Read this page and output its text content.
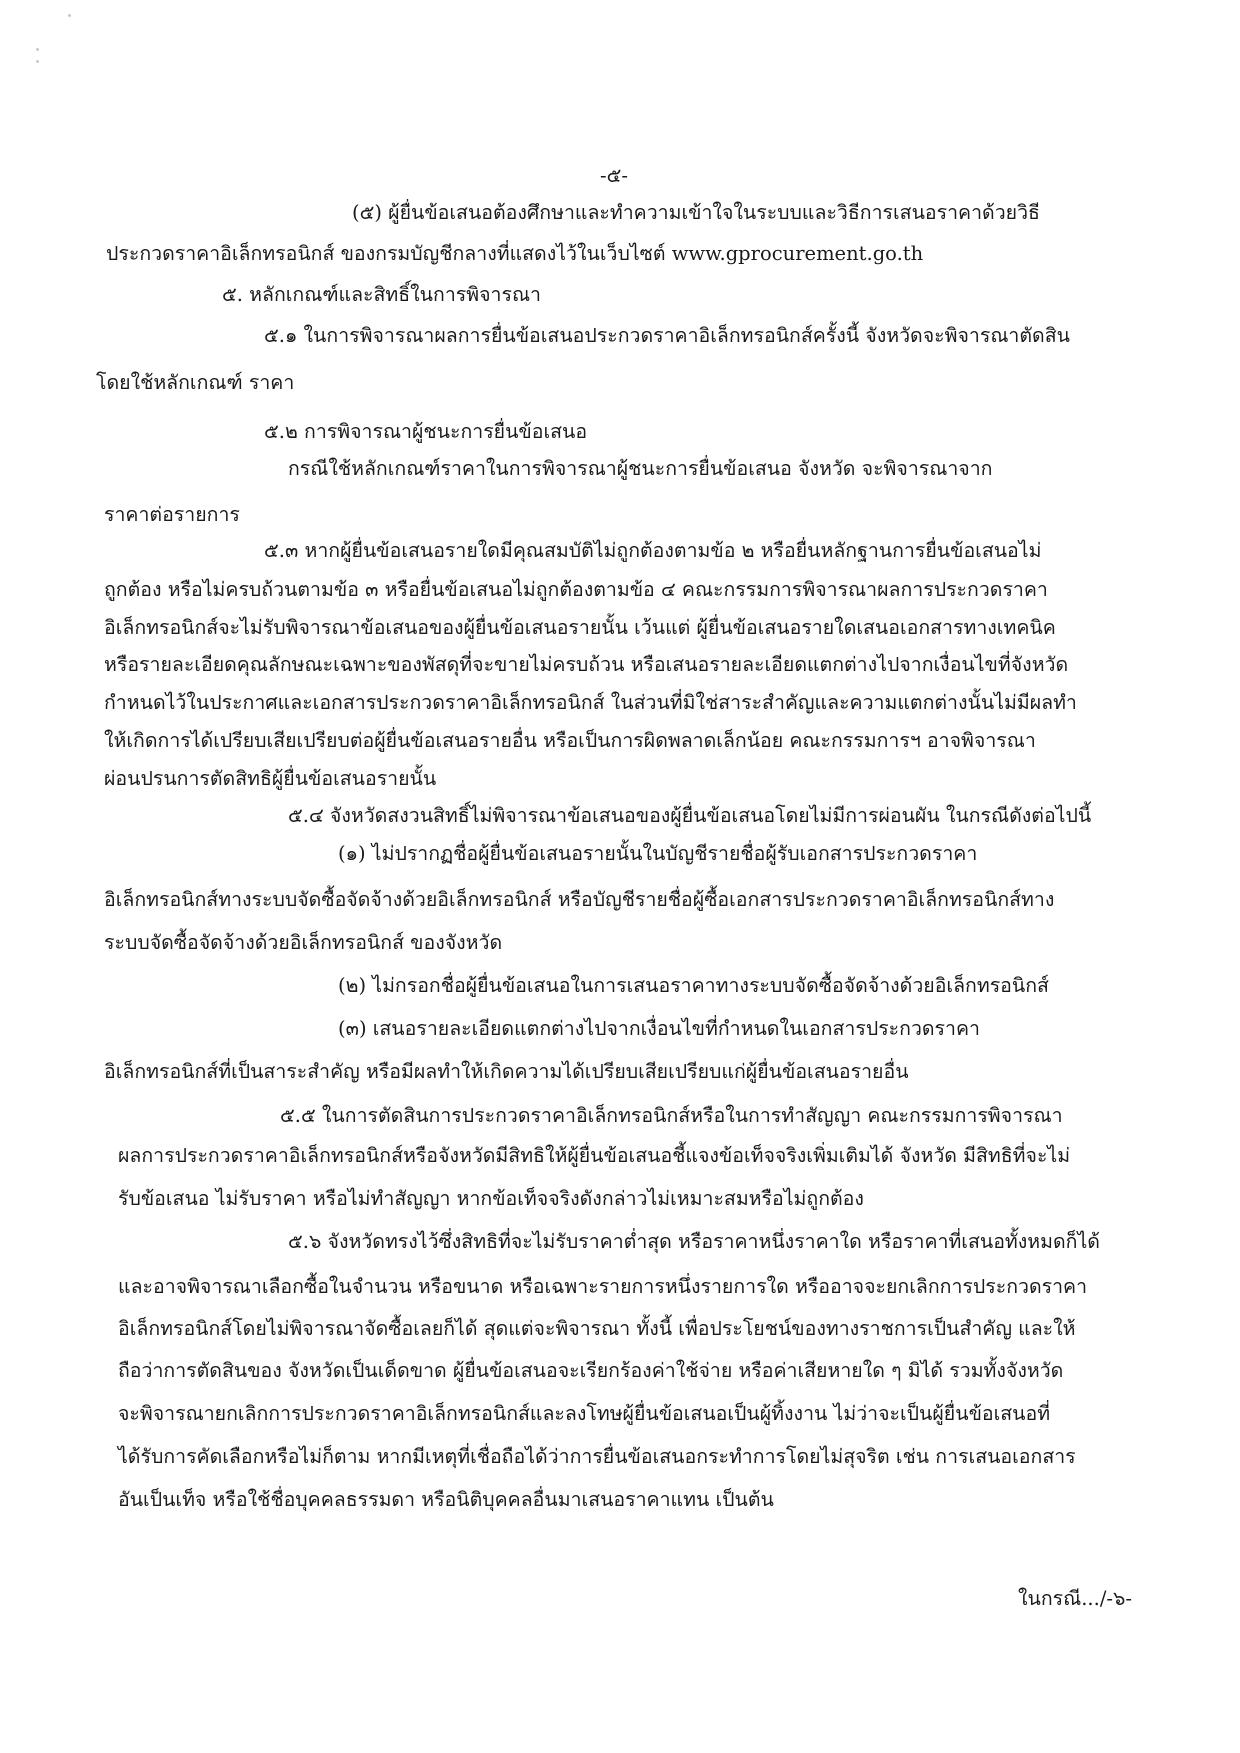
-๕-
(๕) ผู้ยื่นข้อเสนอต้องศึกษาและทำความเข้าใจในระบบและวิธีการเสนอราคาด้วยวิธี
ประกวดราคาอิเล็กทรอนิกส์ ของกรมบัญชีกลางที่แสดงไว้ในเว็บไซต์ www.gprocurement.go.th
๕. หลักเกณฑ์และสิทธิ์ในการพิจารณา
๕.๑ ในการพิจารณาผลการยื่นข้อเสนอประกวดราคาอิเล็กทรอนิกส์ครั้งนี้ จังหวัดจะพิจารณาตัดสิน
โดยใช้หลักเกณฑ์ ราคา
๕.๒ การพิจารณาผู้ชนะการยื่นข้อเสนอ
กรณีใช้หลักเกณฑ์ราคาในการพิจารณาผู้ชนะการยื่นข้อเสนอ จังหวัด จะพิจารณาจาก
ราคาต่อรายการ
๕.๓ หากผู้ยื่นข้อเสนอรายใดมีคุณสมบัติไม่ถูกต้องตามข้อ ๒ หรือยื่นหลักฐานการยื่นข้อเสนอไม่
ถูกต้อง หรือไม่ครบถ้วนตามข้อ ๓ หรือยื่นข้อเสนอไม่ถูกต้องตามข้อ ๔ คณะกรรมการพิจารณาผลการประกวดราคา
อิเล็กทรอนิกส์จะไม่รับพิจารณาข้อเสนอของผู้ยื่นข้อเสนอรายนั้น เว้นแต่ ผู้ยื่นข้อเสนอรายใดเสนอเอกสารทางเทคนิค
หรือรายละเอียดคุณลักษณะเฉพาะของพัสดุที่จะขายไม่ครบถ้วน หรือเสนอรายละเอียดแตกต่างไปจากเงื่อนไขที่จังหวัด
กำหนดไว้ในประกาศและเอกสารประกวดราคาอิเล็กทรอนิกส์ ในส่วนที่มิใช่สาระสำคัญและความแตกต่างนั้นไม่มีผลทำ
ให้เกิดการได้เปรียบเสียเปรียบต่อผู้ยื่นข้อเสนอรายอื่น หรือเป็นการผิดพลาดเล็กน้อย คณะกรรมการฯ อาจพิจารณา
ผ่อนปรนการตัดสิทธิผู้ยื่นข้อเสนอรายนั้น
๕.๔ จังหวัดสงวนสิทธิ์ไม่พิจารณาข้อเสนอของผู้ยื่นข้อเสนอโดยไม่มีการผ่อนผัน ในกรณีดังต่อไปนี้
(๑) ไม่ปรากฏชื่อผู้ยื่นข้อเสนอรายนั้นในบัญชีรายชื่อผู้รับเอกสารประกวดราคา
อิเล็กทรอนิกส์ทางระบบจัดซื้อจัดจ้างด้วยอิเล็กทรอนิกส์ หรือบัญชีรายชื่อผู้ซื้อเอกสารประกวดราคาอิเล็กทรอนิกส์ทาง
ระบบจัดซื้อจัดจ้างด้วยอิเล็กทรอนิกส์ ของจังหวัด
(๒) ไม่กรอกชื่อผู้ยื่นข้อเสนอในการเสนอราคาทางระบบจัดซื้อจัดจ้างด้วยอิเล็กทรอนิกส์
(๓) เสนอรายละเอียดแตกต่างไปจากเงื่อนไขที่กำหนดในเอกสารประกวดราคา
อิเล็กทรอนิกส์ที่เป็นสาระสำคัญ หรือมีผลทำให้เกิดความได้เปรียบเสียเปรียบแก่ผู้ยื่นข้อเสนอรายอื่น
๕.๕ ในการตัดสินการประกวดราคาอิเล็กทรอนิกส์หรือในการทำสัญญา คณะกรรมการพิจารณา
ผลการประกวดราคาอิเล็กทรอนิกส์หรือจังหวัดมีสิทธิให้ผู้ยื่นข้อเสนอชี้แจงข้อเท็จจริงเพิ่มเติมได้ จังหวัด มีสิทธิที่จะไม่
รับข้อเสนอ ไม่รับราคา หรือไม่ทำสัญญา หากข้อเท็จจริงดังกล่าวไม่เหมาะสมหรือไม่ถูกต้อง
๕.๖ จังหวัดทรงไว้ซึ่งสิทธิที่จะไม่รับราคาต่ำสุด หรือราคาหนึ่งราคาใด หรือราคาที่เสนอทั้งหมดก็ได้
และอาจพิจารณาเลือกซื้อในจำนวน หรือขนาด หรือเฉพาะรายการหนึ่งรายการใด หรืออาจจะยกเลิกการประกวดราคา
อิเล็กทรอนิกส์โดยไม่พิจารณาจัดซื้อเลยก็ได้ สุดแต่จะพิจารณา ทั้งนี้ เพื่อประโยชน์ของทางราชการเป็นสำคัญ และให้
ถือว่าการตัดสินของ จังหวัดเป็นเด็ดขาด ผู้ยื่นข้อเสนอจะเรียกร้องค่าใช้จ่าย หรือค่าเสียหายใด ๆ มิได้ รวมทั้งจังหวัด
จะพิจารณายกเลิกการประกวดราคาอิเล็กทรอนิกส์และลงโทษผู้ยื่นข้อเสนอเป็นผู้ทิ้งงาน ไม่ว่าจะเป็นผู้ยื่นข้อเสนอที่
ได้รับการคัดเลือกหรือไม่ก็ตาม หากมีเหตุที่เชื่อถือได้ว่าการยื่นข้อเสนอกระทำการโดยไม่สุจริต เช่น การเสนอเอกสาร
อันเป็นเท็จ หรือใช้ชื่อบุคคลธรรมดา หรือนิติบุคคลอื่นมาเสนอราคาแทน เป็นต้น
ในกรณี.../-๖-
